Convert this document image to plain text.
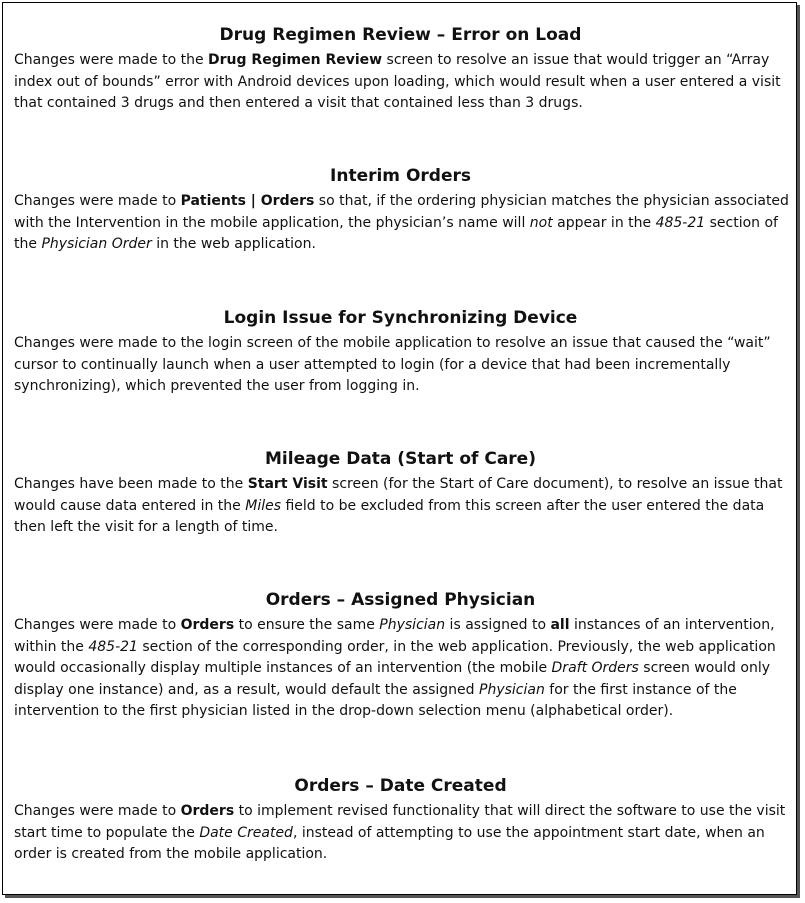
Drug Regimen Review – Error on Load

Changes were made to the Drug Regimen Review screen to resolve an issue that would trigger an “Array index out of bounds” error with Android devices upon loading, which would result when a user entered a visit that contained 3 drugs and then entered a visit that contained less than 3 drugs.

Interim Orders

Changes were made to Patients | Orders so that, if the ordering physician matches the physician associated with the Intervention in the mobile application, the physician’s name will not appear in the 485-21 section of the Physician Order in the web application.

Login Issue for Synchronizing Device

Changes were made to the login screen of the mobile application to resolve an issue that caused the “wait” cursor to continually launch when a user attempted to login (for a device that had been incrementally synchronizing), which prevented the user from logging in.

Mileage Data (Start of Care)

Changes have been made to the Start Visit screen (for the Start of Care document), to resolve an issue that would cause data entered in the Miles field to be excluded from this screen after the user entered the data then left the visit for a length of time.

Orders – Assigned Physician

Changes were made to Orders to ensure the same Physician is assigned to all instances of an intervention, within the 485-21 section of the corresponding order, in the web application. Previously, the web application would occasionally display multiple instances of an intervention (the mobile Draft Orders screen would only display one instance) and, as a result, would default the assigned Physician for the first instance of the intervention to the first physician listed in the drop-down selection menu (alphabetical order).

Orders – Date Created

Changes were made to Orders to implement revised functionality that will direct the software to use the visit start time to populate the Date Created, instead of attempting to use the appointment start date, when an order is created from the mobile application.
